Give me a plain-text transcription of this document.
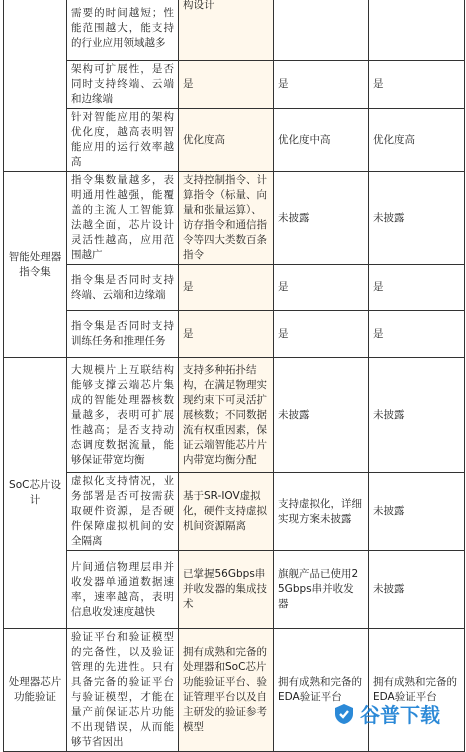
	需要的时间越短；性能范围越大，能支持的行业应用领域越多	构设计		
	架构可扩展性，是否同时支持终端、云端和边缘端	是	是	是
	针对智能应用的架构优化度，越高表明智能应用的运行效率越高	优化度高	优化度中高	优化度高
智能处理器指令集	指令集数量越多，表明通用性越强，能覆盖的主流人工智能算法越全面，芯片设计灵活性越高，应用范围越广	支持控制指令、计算指令（标量、向量和张量运算）、访存指令和通信指令等四大类数百条指令	未披露	未披露
	指令集是否同时支持终端、云端和边缘端	是	是	是
	指令集是否同时支持训练任务和推理任务	是	是	是
SoC芯片设计	大规模片上互联结构能够支撑云端芯片集成的智能处理器核数量越多，表明可扩展性越高；是否支持动态调度数据流量，能够保证带宽均衡	支持多种拓扑结构，在满足物理实现约束下可灵活扩展核数；不同数据流有权重因素，保证云端智能芯片片内带宽均衡分配	未披露	未披露
	虚拟化支持情况，业务部署是否可按需获取硬件资源，是否硬件保障虚拟机间的安全隔离	基于SR-IOV虚拟化，硬件支持虚拟机间资源隔离	支持虚拟化，详细实现方案未披露	未披露
	片间通信物理层串并收发器单通道数据速率，速率越高，表明信息收发速度越快	已掌握56Gbps串并收发器的集成技术	旗舰产品已使用25Gbps串并收发器	未披露
处理器芯片功能验证	验证平台和验证模型的完备性，以及验证管理的先进性。只有具备完备的验证平台与验证模型，才能在量产前保证芯片功能不出现错误，从而能够节省因出	拥有成熟和完备的处理器和SoC芯片功能验证平台、验证管理平台以及自主研发的验证参考模型	拥有成熟和完备的EDA验证平台	拥有成熟和完备的EDA验证平台
谷普下载
